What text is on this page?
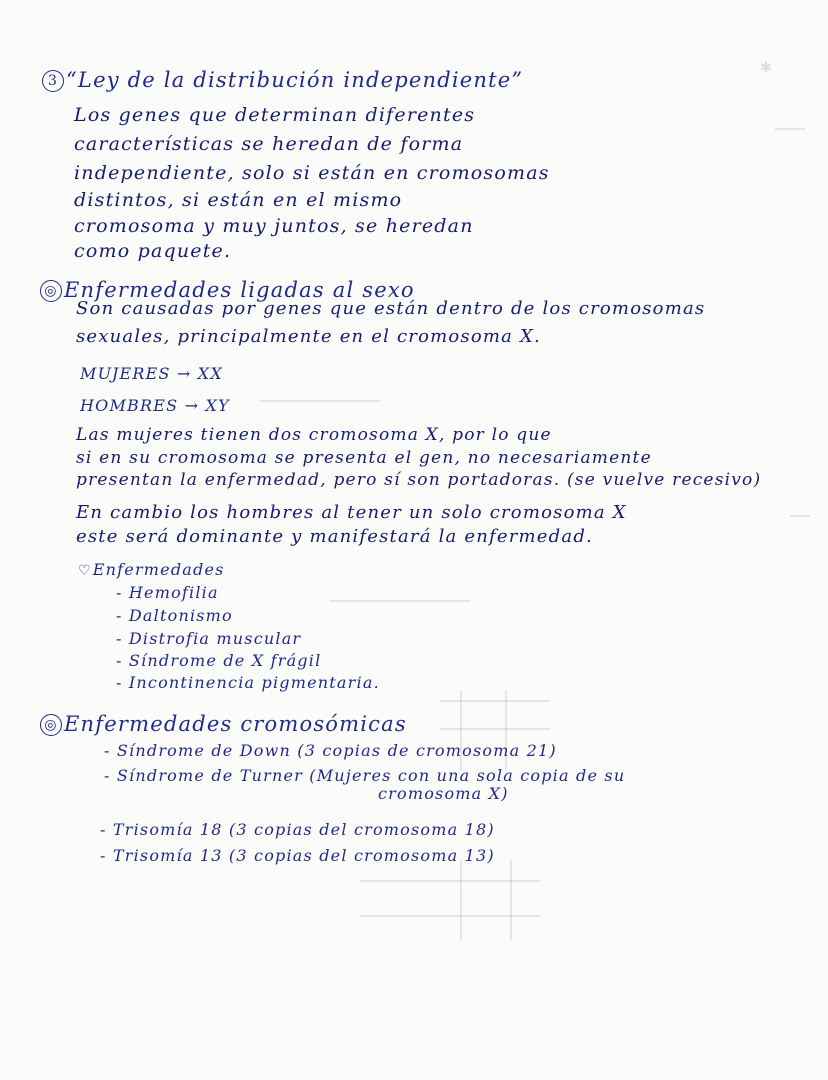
✱
3 “Ley de la distribución independiente”
Los genes que determinan diferentes
características se heredan de forma
independiente, solo si están en cromosomas
distintos, si están en el mismo
cromosoma y muy juntos, se heredan
como paquete.
◎ Enfermedades ligadas al sexo
Son causadas por genes que están dentro de los cromosomas
sexuales, principalmente en el cromosoma X.
MUJERES → XX
HOMBRES → XY
Las mujeres tienen dos cromosoma X, por lo que
si en su cromosoma se presenta el gen, no necesariamente
presentan la enfermedad, pero sí son portadoras. (se vuelve recesivo)
En cambio los hombres al tener un solo cromosoma X
este será dominante y manifestará la enfermedad.
♡Enfermedades
- Hemofilia
- Daltonismo
- Distrofia muscular
- Síndrome de X frágil
- Incontinencia pigmentaria.
◎ Enfermedades cromosómicas
- Síndrome de Down (3 copias de cromosoma 21)
- Síndrome de Turner (Mujeres con una sola copia de su
cromosoma X)
- Trisomía 18 (3 copias del cromosoma 18)
- Trisomía 13 (3 copias del cromosoma 13)
